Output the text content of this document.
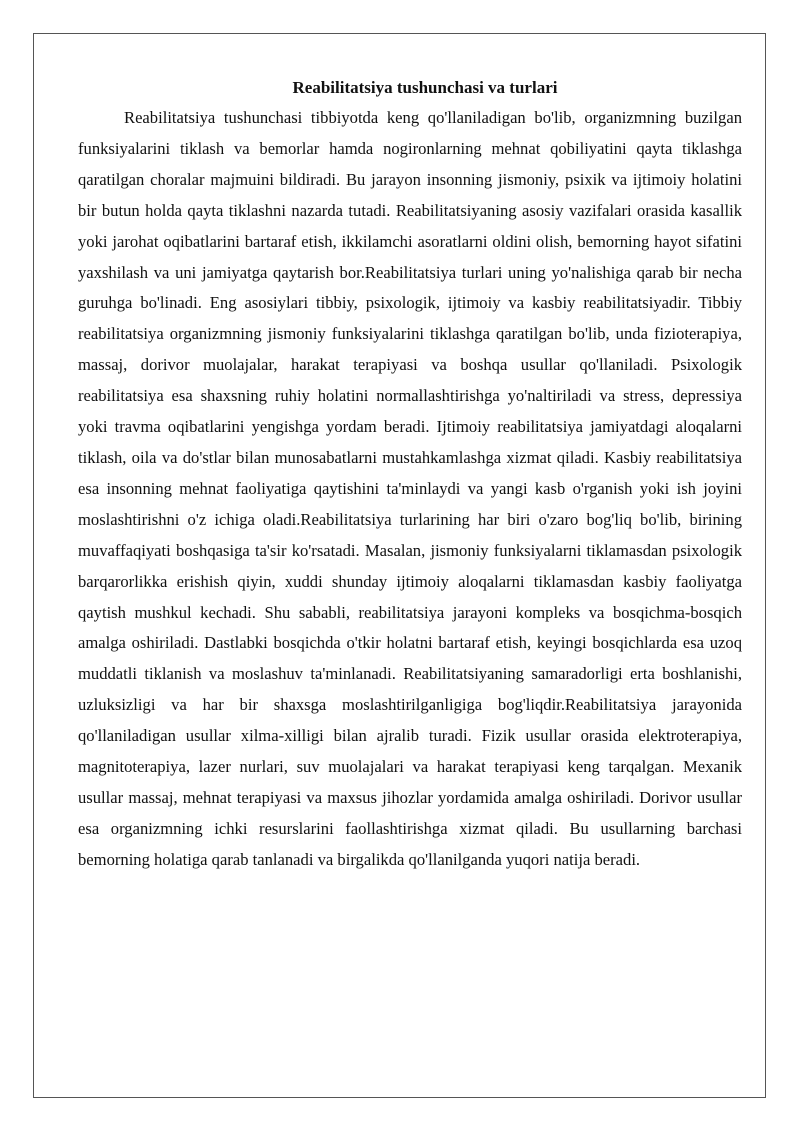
Reabilitatsiya tushunchasi va turlari

Reabilitatsiya tushunchasi tibbiyotda keng qo'llaniladigan bo'lib, organizmning buzilgan funksiyalarini tiklash va bemorlar hamda nogironlarning mehnat qobiliyatini qayta tiklashga qaratilgan choralar majmuini bildiradi. Bu jarayon insonning jismoniy, psixik va ijtimoiy holatini bir butun holda qayta tiklashni nazarda tutadi. Reabilitatsiyaning asosiy vazifalari orasida kasallik yoki jarohat oqibatlarini bartaraf etish, ikkilamchi asoratlarni oldini olish, bemorning hayot sifatini yaxshilash va uni jamiyatga qaytarish bor.Reabilitatsiya turlari uning yo'nalishiga qarab bir necha guruhga bo'linadi. Eng asosiylari tibbiy, psixologik, ijtimoiy va kasbiy reabilitatsiyadir. Tibbiy reabilitatsiya organizmning jismoniy funksiyalarini tiklashga qaratilgan bo'lib, unda fizioterapiya, massaj, dorivor muolajalar, harakat terapiyasi va boshqa usullar qo'llaniladi. Psixologik reabilitatsiya esa shaxsning ruhiy holatini normallashtirishga yo'naltiriladi va stress, depressiya yoki travma oqibatlarini yengishga yordam beradi. Ijtimoiy reabilitatsiya jamiyatdagi aloqalarni tiklash, oila va do'stlar bilan munosabatlarni mustahkamlashga xizmat qiladi. Kasbiy reabilitatsiya esa insonning mehnat faoliyatiga qaytishini ta'minlaydi va yangi kasb o'rganish yoki ish joyini moslashtirishni o'z ichiga oladi.Reabilitatsiya turlarining har biri o'zaro bog'liq bo'lib, birining muvaffaqiyati boshqasiga ta'sir ko'rsatadi. Masalan, jismoniy funksiyalarni tiklamasdan psixologik barqarorlikka erishish qiyin, xuddi shunday ijtimoiy aloqalarni tiklamasdan kasbiy faoliyatga qaytish mushkul kechadi. Shu sababli, reabilitatsiya jarayoni kompleks va bosqichma-bosqich amalga oshiriladi. Dastlabki bosqichda o'tkir holatni bartaraf etish, keyingi bosqichlarda esa uzoq muddatli tiklanish va moslashuv ta'minlanadi. Reabilitatsiyaning samaradorligi erta boshlanishi, uzluksizligi va har bir shaxsga moslashtirilganligiga bog'liqdir.Reabilitatsiya jarayonida qo'llaniladigan usullar xilma-xilligi bilan ajralib turadi. Fizik usullar orasida elektroterapiya, magnitoterapiya, lazer nurlari, suv muolajalari va harakat terapiyasi keng tarqalgan. Mexanik usullar massaj, mehnat terapiyasi va maxsus jihozlar yordamida amalga oshiriladi. Dorivor usullar esa organizmning ichki resurslarini faollashtirishga xizmat qiladi. Bu usullarning barchasi bemorning holatiga qarab tanlanadi va birgalikda qo'llanilganda yuqori natija beradi.
